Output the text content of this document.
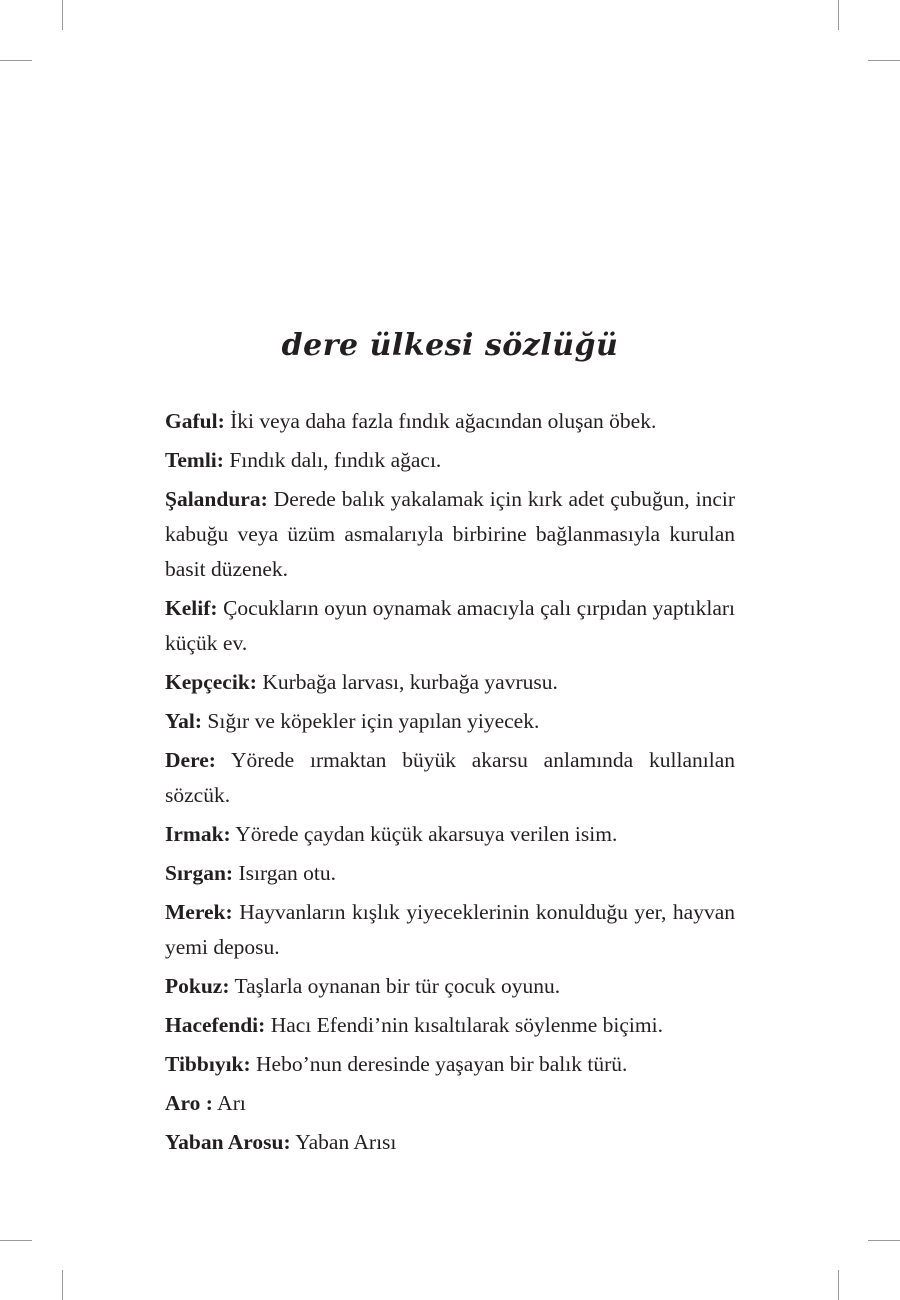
dere ülkesi sözlüğü

Gaful: İki veya daha fazla fındık ağacından oluşan öbek.

Temli: Fındık dalı, fındık ağacı.

Şalandura: Derede balık yakalamak için kırk adet çubuğun, incir kabuğu veya üzüm asmalarıyla birbirine bağlanmasıyla kurulan basit düzenek.

Kelif: Çocukların oyun oynamak amacıyla çalı çırpıdan yaptıkları küçük ev.

Kepçecik: Kurbağa larvası, kurbağa yavrusu.

Yal: Sığır ve köpekler için yapılan yiyecek.

Dere: Yörede ırmaktan büyük akarsu anlamında kullanılan sözcük.

Irmak: Yörede çaydan küçük akarsuya verilen isim.

Sırgan: Isırgan otu.

Merek: Hayvanların kışlık yiyeceklerinin konulduğu yer, hayvan yemi deposu.

Pokuz: Taşlarla oynanan bir tür çocuk oyunu.

Hacefendi: Hacı Efendi’nin kısaltılarak söylenme biçimi.

Tibbıyık: Hebo’nun deresinde yaşayan bir balık türü.

Aro : Arı

Yaban Arosu: Yaban Arısı
